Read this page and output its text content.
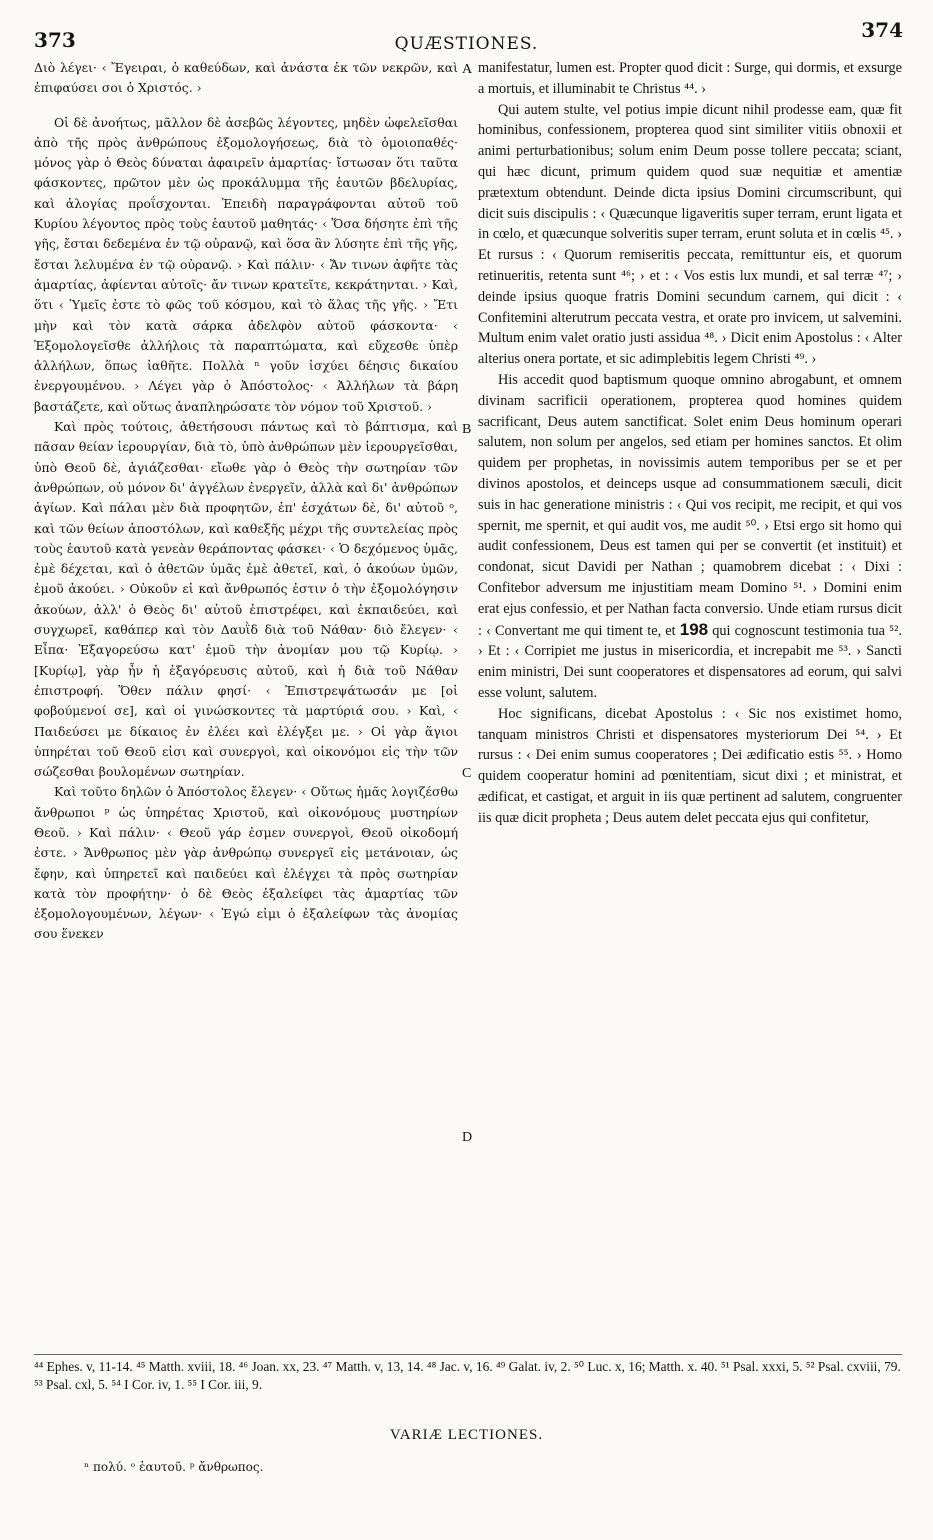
373	QUÆSTIONES.
374

Διὸ λέγει· ‹ Ἔγειραι, ὁ καθεύδων, καὶ ἀνάστα ἐκ τῶν νεκρῶν, καὶ ἐπιφαύσει σοι ὁ Χριστός. ›

Οἱ δὲ ἀνοήτως, μᾶλλον δὲ ἀσεβῶς λέγοντες, μηδὲν ὠφελεῖσθαι ἀπὸ τῆς πρὸς ἀνθρώπους ἐξομολογήσεως, διὰ τὸ ὁμοιοπαθές· μόνος γὰρ ὁ Θεὸς δύναται ἀφαιρεῖν ἁμαρτίας· ἴστωσαν ὅτι ταῦτα φάσκοντες, πρῶτον μὲν ὡς προκάλυμμα τῆς ἑαυτῶν βδελυρίας, καὶ ἀλογίας προΐσχονται. Ἐπειδὴ παραγράφονται αὐτοῦ τοῦ Κυρίου λέγοντος πρὸς τοὺς ἑαυτοῦ μαθητάς· ‹ Ὅσα δήσητε ἐπὶ τῆς γῆς, ἔσται δεδεμένα ἐν τῷ οὐρανῷ, καὶ ὅσα ἂν λύσητε ἐπὶ τῆς γῆς, ἔσται λελυμένα ἐν τῷ οὐρανῷ. › Καὶ πάλιν· ‹ Ἄν τινων ἀφῆτε τὰς ἁμαρτίας, ἀφίενται αὐτοῖς· ἄν τινων κρατεῖτε, κεκράτηνται. › Καὶ, ὅτι ‹ Ὑμεῖς ἐστε τὸ φῶς τοῦ κόσμου, καὶ τὸ ἅλας τῆς γῆς. › Ἔτι μὴν καὶ τὸν κατὰ σάρκα ἀδελφὸν αὐτοῦ φάσκοντα· ‹ Ἐξομολογεῖσθε ἀλλήλοις τὰ παραπτώματα, καὶ εὔχεσθε ὑπὲρ ἀλλήλων, ὅπως ἰαθῆτε. Πολλὰ ⁿ γοῦν ἰσχύει δέησις δικαίου ἐνεργουμένου. › Λέγει γὰρ ὁ Ἀπόστολος· ‹ Ἀλλήλων τὰ βάρη βαστάζετε, καὶ οὕτως ἀναπληρώσατε τὸν νόμον τοῦ Χριστοῦ. ›

Καὶ πρὸς τούτοις, ἀθετήσουσι πάντως καὶ τὸ βάπτισμα, καὶ πᾶσαν θείαν ἱερουργίαν, διὰ τὸ, ὑπὸ ἀνθρώπων μὲν ἱερουργεῖσθαι, ὑπὸ Θεοῦ δὲ, ἁγιάζεσθαι· εἴωθε γὰρ ὁ Θεὸς τὴν σωτηρίαν τῶν ἀνθρώπων, οὐ μόνον δι' ἀγγέλων ἐνεργεῖν, ἀλλὰ καὶ δι' ἀνθρώπων ἁγίων. Καὶ πάλαι μὲν διὰ προφητῶν, ἐπ' ἐσχάτων δὲ, δι' αὐτοῦ ᵒ, καὶ τῶν θείων ἀποστόλων, καὶ καθεξῆς μέχρι τῆς συντελείας πρὸς τοὺς ἑαυτοῦ κατὰ γενεὰν θεράποντας φάσκει· ‹ Ὁ δεχόμενος ὑμᾶς, ἐμὲ δέχεται, καὶ ὁ ἀθετῶν ὑμᾶς ἐμὲ ἀθετεῖ, καὶ, ὁ ἀκούων ὑμῶν, ἐμοῦ ἀκούει. › Οὐκοῦν εἰ καὶ ἄνθρωπός ἐστιν ὁ τὴν ἐξομολόγησιν ἀκούων, ἀλλ' ὁ Θεὸς δι' αὐτοῦ ἐπιστρέφει, καὶ ἐκπαιδεύει, καὶ συγχωρεῖ, καθάπερ καὶ τὸν Δαυῒδ διὰ τοῦ Νάθαν· διὸ ἔλεγεν· ‹ Εἶπα· Ἐξαγορεύσω κατ' ἐμοῦ τὴν ἀνομίαν μου τῷ Κυρίῳ. › [Κυρίῳ], γὰρ ἦν ἡ ἐξαγόρευσις αὐτοῦ, καὶ ἡ διὰ τοῦ Νάθαν ἐπιστροφή. Ὅθεν πάλιν φησί· ‹ Ἐπιστρεψάτωσάν με [οἱ φοβούμενοί σε], καὶ οἱ γινώσκοντες τὰ μαρτύριά σου. › Καὶ, ‹ Παιδεύσει με δίκαιος ἐν ἐλέει καὶ ἐλέγξει με. › Οἱ γὰρ ἅγιοι ὑπηρέται τοῦ Θεοῦ εἰσι καὶ συνεργοὶ, καὶ οἰκονόμοι εἰς τὴν τῶν σώζεσθαι βουλομένων σωτηρίαν.

Καὶ τοῦτο δηλῶν ὁ Ἀπόστολος ἔλεγεν· ‹ Οὕτως ἡμᾶς λογιζέσθω ἄνθρωποι ᵖ ὡς ὑπηρέτας Χριστοῦ, καὶ οἰκονόμους μυστηρίων Θεοῦ. › Καὶ πάλιν· ‹ Θεοῦ γάρ ἐσμεν συνεργοὶ, Θεοῦ οἰκοδομή ἐστε. › Ἄνθρωπος μὲν γὰρ ἀνθρώπῳ συνεργεῖ εἰς μετάνοιαν, ὡς ἔφην, καὶ ὑπηρετεῖ καὶ παιδεύει καὶ ἐλέγχει τὰ πρὸς σωτηρίαν κατὰ τὸν προφήτην· ὁ δὲ Θεὸς ἐξαλείφει τὰς ἁμαρτίας τῶν ἐξομολογουμένων, λέγων· ‹ Ἐγώ εἰμι ὁ ἐξαλείφων τὰς ἀνομίας σου ἕνεκεν

A
B
C
D

manifestatur, lumen est. Propter quod dicit : Surge, qui dormis, et exsurge a mortuis, et illuminabit te Christus ⁴⁴. ›

Qui autem stulte, vel potius impie dicunt nihil prodesse eam, quæ fit hominibus, confessionem, propterea quod sint similiter vitiis obnoxii et animi perturbationibus; solum enim Deum posse tollere peccata; sciant, qui hæc dicunt, primum quidem quod suæ nequitiæ et amentiæ prætextum obtendunt. Deinde dicta ipsius Domini circumscribunt, qui dicit suis discipulis : ‹ Quæcunque ligaveritis super terram, erunt ligata et in cœlo, et quæcunque solveritis super terram, erunt soluta et in cœlis ⁴⁵. › Et rursus : ‹ Quorum remiseritis peccata, remittuntur eis, et quorum retinueritis, retenta sunt ⁴⁶; › et : ‹ Vos estis lux mundi, et sal terræ ⁴⁷; › deinde ipsius quoque fratris Domini secundum carnem, qui dicit : ‹ Confitemini alterutrum peccata vestra, et orate pro invicem, ut salvemini. Multum enim valet oratio justi assidua ⁴⁸. › Dicit enim Apostolus : ‹ Alter alterius onera portate, et sic adimplebitis legem Christi ⁴⁹. ›

His accedit quod baptismum quoque omnino abrogabunt, et omnem divinam sacrificii operationem, propterea quod homines quidem sacrificant, Deus autem sanctificat. Solet enim Deus hominum operari salutem, non solum per angelos, sed etiam per homines sanctos. Et olim quidem per prophetas, in novissimis autem temporibus per se et per divinos apostolos, et deinceps usque ad consummationem sæculi, dicit suis in hac generatione ministris : ‹ Qui vos recipit, me recipit, et qui vos spernit, me spernit, et qui audit vos, me audit ⁵⁰. › Etsi ergo sit homo qui audit confessionem, Deus est tamen qui per se convertit (et instituit) et condonat, sicut Davidi per Nathan ; quamobrem dicebat : ‹ Dixi : Confitebor adversum me injustitiam meam Domino ⁵¹. › Domini enim erat ejus confessio, et per Nathan facta conversio. Unde etiam rursus dicit : ‹ Convertant me qui timent te, et 198 qui cognoscunt testimonia tua ⁵². › Et : ‹ Corripiet me justus in misericordia, et increpabit me ⁵³. › Sancti enim ministri, Dei sunt cooperatores et dispensatores ad eorum, qui salvi esse volunt, salutem.

Hoc significans, dicebat Apostolus : ‹ Sic nos existimet homo, tanquam ministros Christi et dispensatores mysteriorum Dei ⁵⁴. › Et rursus : ‹ Dei enim sumus cooperatores ; Dei ædificatio estis ⁵⁵. › Homo quidem cooperatur homini ad pœnitentiam, sicut dixi ; et ministrat, et ædificat, et castigat, et arguit in iis quæ pertinent ad salutem, congruenter iis quæ dicit propheta ; Deus autem delet peccata ejus qui confitetur,

⁴⁴ Ephes. v, 11-14. ⁴⁵ Matth. xviii, 18. ⁴⁶ Joan. xx, 23. ⁴⁷ Matth. v, 13, 14. ⁴⁸ Jac. v, 16. ⁴⁹ Galat. iv, 2. ⁵⁰ Luc. x, 16; Matth. x. 40. ⁵¹ Psal. xxxi, 5. ⁵² Psal. cxviii, 79. ⁵³ Psal. cxl, 5. ⁵⁴ I Cor. iv, 1. ⁵⁵ I Cor. iii, 9.
VARIÆ LECTIONES.
ⁿ πολύ. ᵒ ἑαυτοῦ. ᵖ ἄνθρωπος.
